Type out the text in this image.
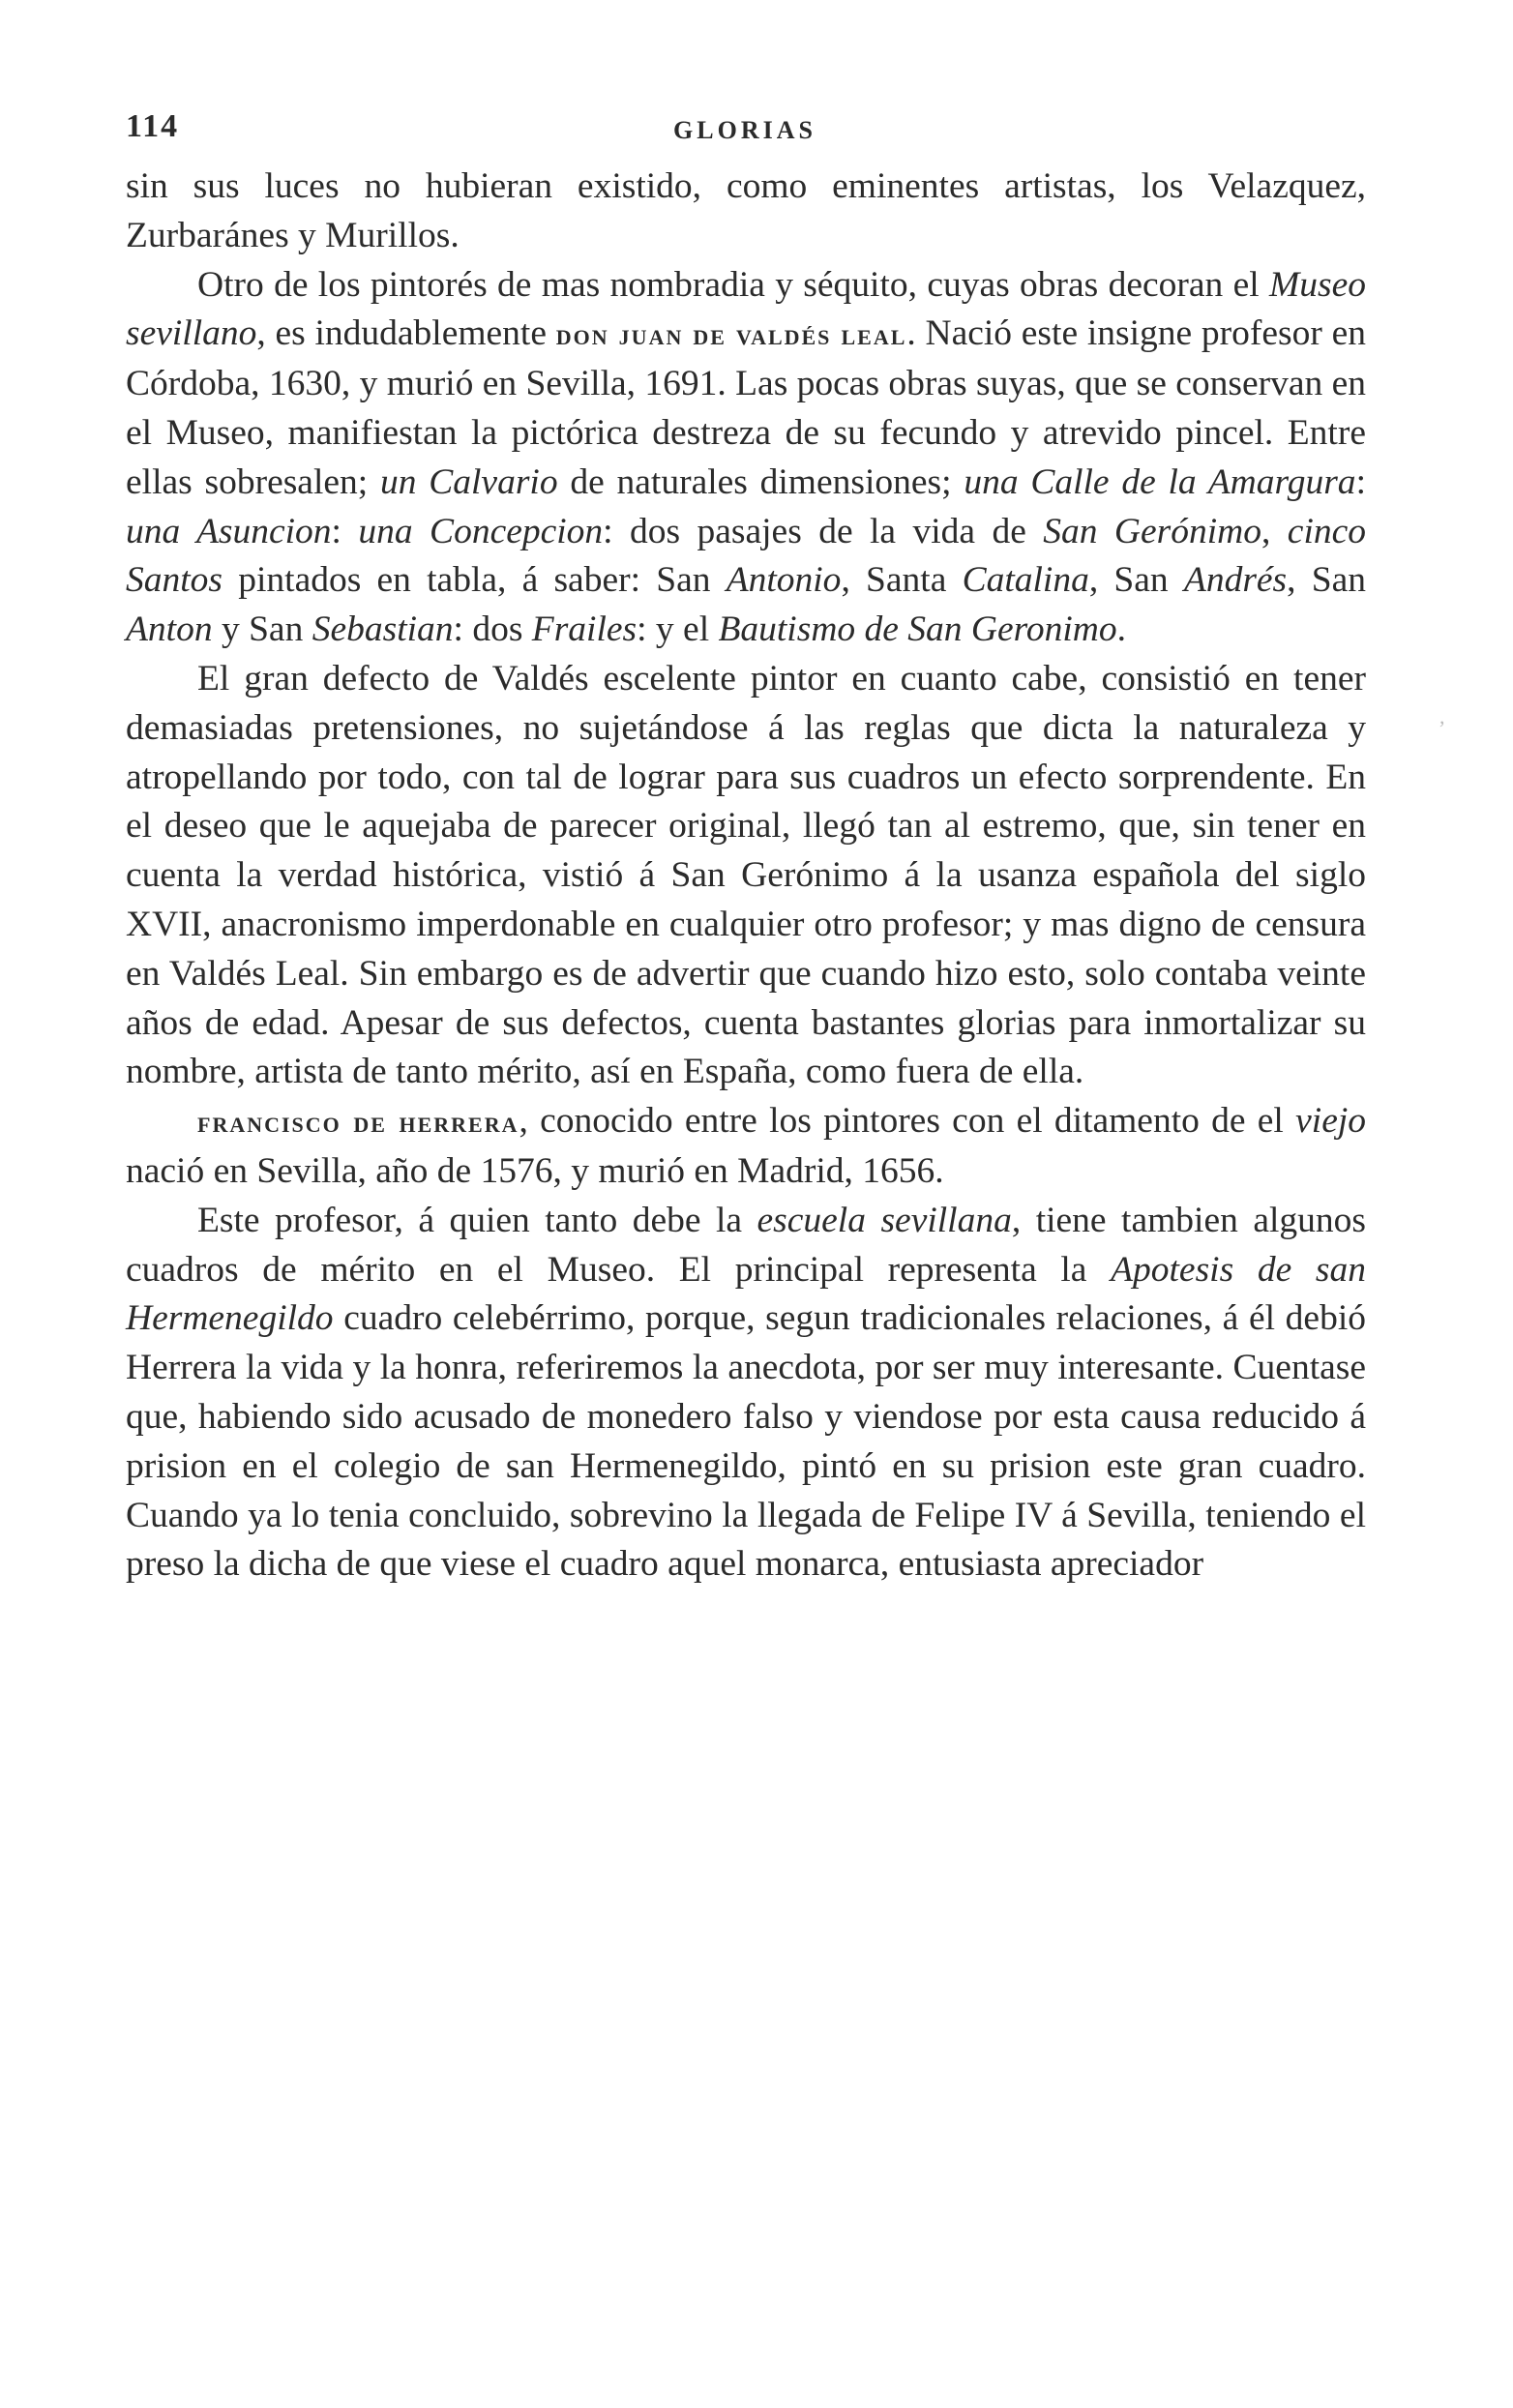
114	GLORIAS

sin sus luces no hubieran existido, como eminentes artistas, los Velazquez, Zurbaránes y Murillos.

Otro de los pintorés de mas nombradia y séquito, cuyas obras decoran el Museo sevillano, es indudablemente don juan de valdés leal. Nació este insigne profesor en Córdoba, 1630, y murió en Sevilla, 1691. Las pocas obras suyas, que se conservan en el Museo, manifiestan la pictórica destreza de su fecundo y atrevido pincel. Entre ellas sobresalen; un Calvario de naturales dimensiones; una Calle de la Amargura: una Asuncion: una Concepcion: dos pasajes de la vida de San Gerónimo, cinco Santos pintados en tabla, á saber: San Antonio, Santa Catalina, San Andrés, San Anton y San Sebastian: dos Frailes: y el Bautismo de San Geronimo.

El gran defecto de Valdés escelente pintor en cuanto cabe, consistió en tener demasiadas pretensiones, no sujetándose á las reglas que dicta la naturaleza y atropellando por todo, con tal de lograr para sus cuadros un efecto sorprendente. En el deseo que le aquejaba de parecer original, llegó tan al estremo, que, sin tener en cuenta la verdad histórica, vistió á San Gerónimo á la usanza española del siglo XVII, anacronismo imperdonable en cualquier otro profesor; y mas digno de censura en Valdés Leal. Sin embargo es de advertir que cuando hizo esto, solo contaba veinte años de edad. Apesar de sus defectos, cuenta bastantes glorias para inmortalizar su nombre, artista de tanto mérito, así en España, como fuera de ella.

francisco de herrera, conocido entre los pintores con el ditamento de el viejo nació en Sevilla, año de 1576, y murió en Madrid, 1656.

Este profesor, á quien tanto debe la escuela sevillana, tiene tambien algunos cuadros de mérito en el Museo. El principal representa la Apotesis de san Hermenegildo cuadro celebérrimo, porque, segun tradicionales relaciones, á él debió Herrera la vida y la honra, referiremos la anecdota, por ser muy interesante. Cuentase que, habiendo sido acusado de monedero falso y viendose por esta causa reducido á prision en el colegio de san Hermenegildo, pintó en su prision este gran cuadro. Cuando ya lo tenia concluido, sobrevino la llegada de Felipe IV á Sevilla, teniendo el preso la dicha de que viese el cuadro aquel monarca, entusiasta apreciador

,
